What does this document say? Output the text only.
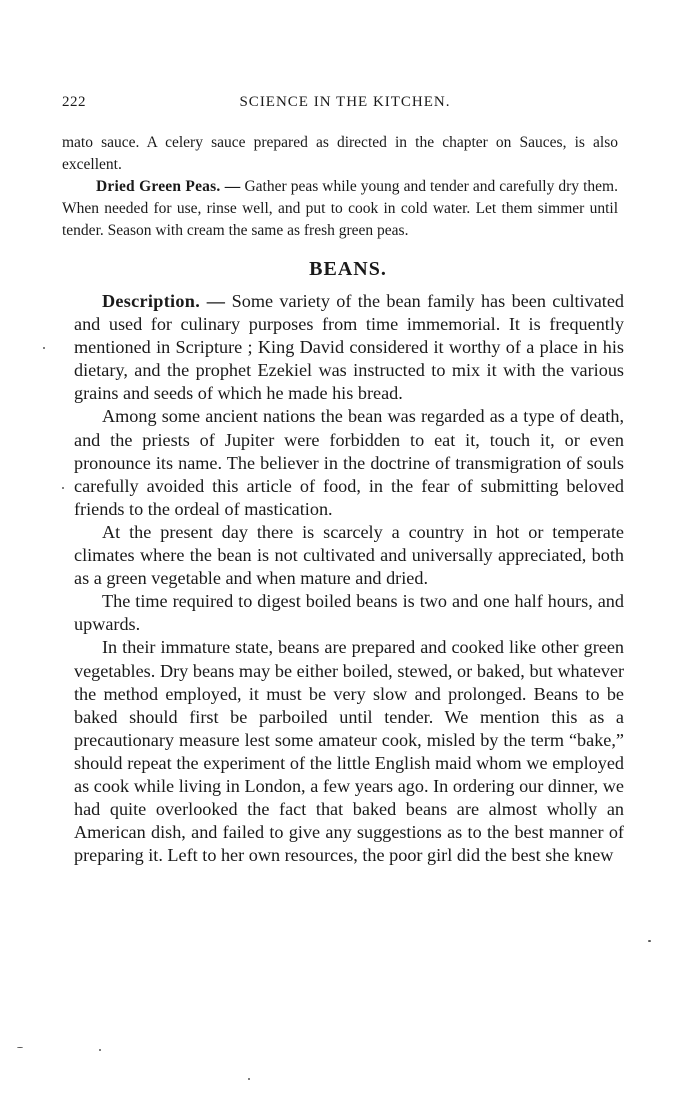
222	SCIENCE IN THE KITCHEN.

mato sauce. A celery sauce prepared as directed in the chapter on Sauces, is also excellent.

Dried Green Peas. — Gather peas while young and tender and carefully dry them. When needed for use, rinse well, and put to cook in cold water. Let them simmer until tender. Season with cream the same as fresh green peas.

BEANS.

Description. — Some variety of the bean family has been cultivated and used for culinary purposes from time immemorial. It is frequently mentioned in Scripture ; King David considered it worthy of a place in his dietary, and the prophet Ezekiel was instructed to mix it with the various grains and seeds of which he made his bread.

Among some ancient nations the bean was regarded as a type of death, and the priests of Jupiter were forbidden to eat it, touch it, or even pronounce its name. The believer in the doctrine of transmigration of souls carefully avoided this article of food, in the fear of submitting beloved friends to the ordeal of mastication.

At the present day there is scarcely a country in hot or temperate climates where the bean is not cultivated and universally appreciated, both as a green vegetable and when mature and dried.

The time required to digest boiled beans is two and one half hours, and upwards.

In their immature state, beans are prepared and cooked like other green vegetables. Dry beans may be either boiled, stewed, or baked, but whatever the method employed, it must be very slow and prolonged. Beans to be baked should first be parboiled until tender. We mention this as a precautionary measure lest some amateur cook, misled by the term “bake,” should repeat the experiment of the little English maid whom we employed as cook while living in London, a few years ago. In ordering our dinner, we had quite overlooked the fact that baked beans are almost wholly an American dish, and failed to give any suggestions as to the best manner of preparing it. Left to her own resources, the poor girl did the best she knew
